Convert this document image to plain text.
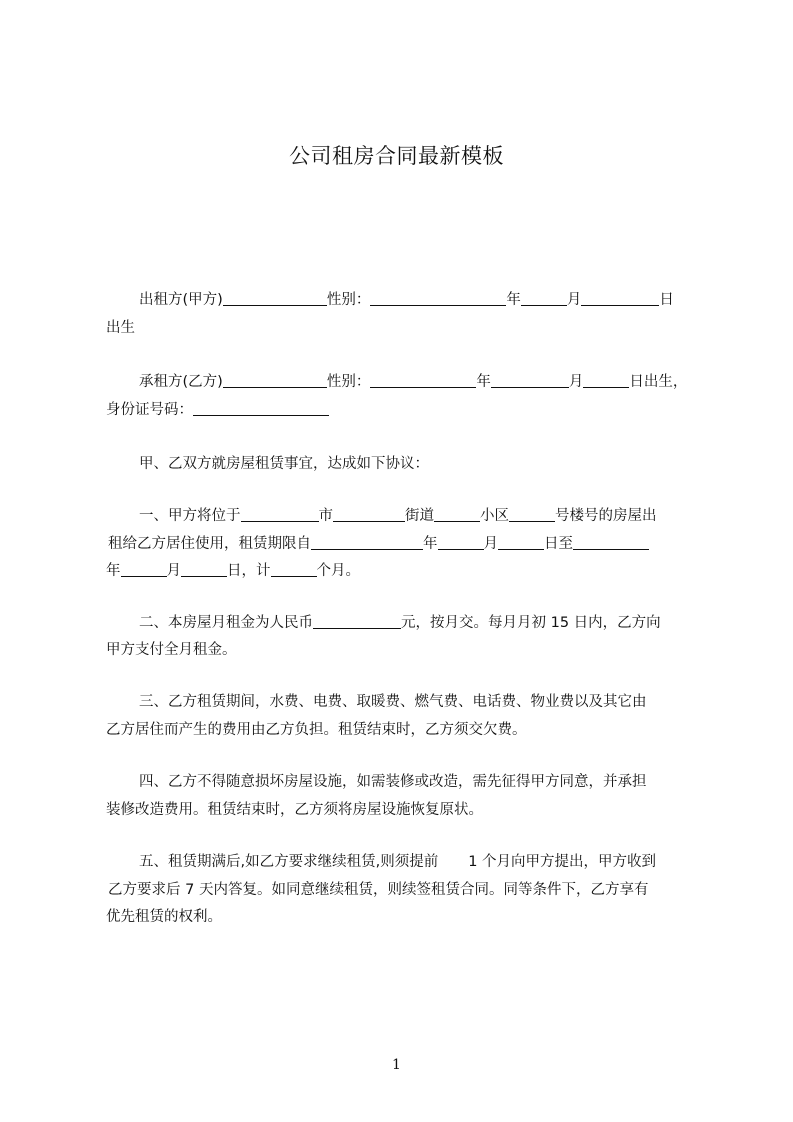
公司租房合同最新模板
出租方(甲方)	性别：	年	月	日
出生
承租方(乙方)	性别：	年	月	日出生，
身份证号码：
甲、乙双方就房屋租赁事宜，达成如下协议：
一、甲方将位于	市	街道	小区	号楼号的房屋出
租给乙方居住使用，租赁期限自	年	月	日至
年	月	日，计	个月。
二、本房屋月租金为人民币	元，按月交。每月月初 15 日内，乙方向
甲方支付全月租金。
三、乙方租赁期间，水费、电费、取暖费、燃气费、电话费、物业费以及其它由
乙方居住而产生的费用由乙方负担。租赁结束时，乙方须交欠费。
四、乙方不得随意损坏房屋设施，如需装修或改造，需先征得甲方同意，并承担
装修改造费用。租赁结束时，乙方须将房屋设施恢复原状。
五、租赁期满后,如乙方要求继续租赁,则须提前 1 个月向甲方提出，甲方收到
乙方要求后 7 天内答复。如同意继续租赁，则续签租赁合同。同等条件下，乙方享有
优先租赁的权利。
1
